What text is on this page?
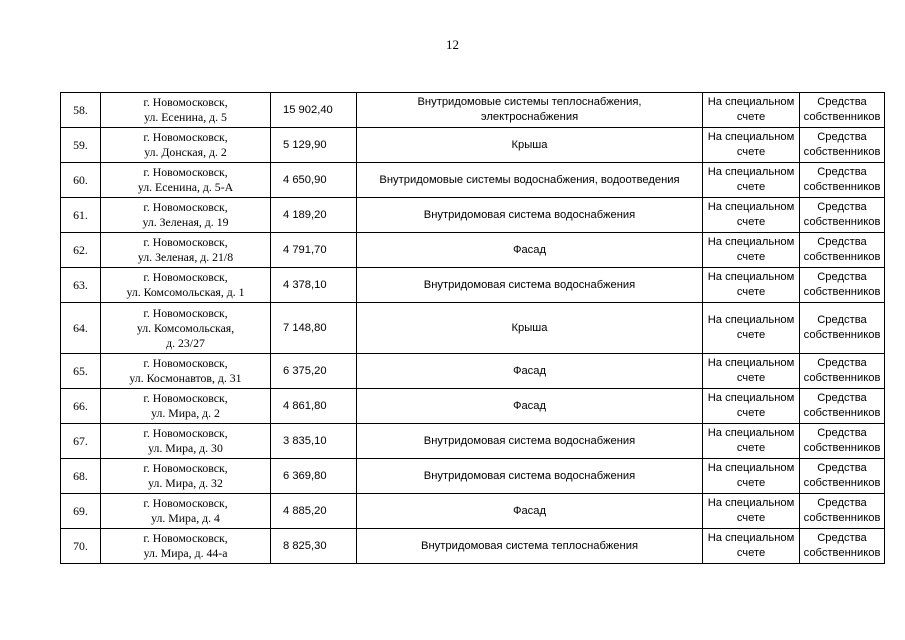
12
58.	г. Новомосковск,
ул. Есенина, д. 5	15 902,40	Внутридомовые системы теплоснабжения,
электроснабжения	На специальном
счете	Средства
собственников

59.	г. Новомосковск,
ул. Донская, д. 2	5 129,90	Крыша	На специальном
счете	Средства
собственников

60.	г. Новомосковск,
ул. Есенина, д. 5-А	4 650,90	Внутридомовые системы водоснабжения, водоотведения	На специальном
счете	Средства
собственников

61.	г. Новомосковск,
ул. Зеленая, д. 19	4 189,20	Внутридомовая система водоснабжения	На специальном
счете	Средства
собственников

62.	г. Новомосковск,
ул. Зеленая, д. 21/8	4 791,70	Фасад	На специальном
счете	Средства
собственников

63.	г. Новомосковск,
ул. Комсомольская, д. 1	4 378,10	Внутридомовая система водоснабжения	На специальном
счете	Средства
собственников

64.	г. Новомосковск,
ул. Комсомольская,
д. 23/27	7 148,80	Крыша	На специальном
счете	Средства
собственников

65.	г. Новомосковск,
ул. Космонавтов, д. 31	6 375,20	Фасад	На специальном
счете	Средства
собственников

66.	г. Новомосковск,
ул. Мира, д. 2	4 861,80	Фасад	На специальном
счете	Средства
собственников

67.	г. Новомосковск,
ул. Мира, д. 30	3 835,10	Внутридомовая система водоснабжения	На специальном
счете	Средства
собственников

68.	г. Новомосковск,
ул. Мира, д. 32	6 369,80	Внутридомовая система водоснабжения	На специальном
счете	Средства
собственников

69.	г. Новомосковск,
ул. Мира, д. 4	4 885,20	Фасад	На специальном
счете	Средства
собственников

70.	г. Новомосковск,
ул. Мира, д. 44-а	8 825,30	Внутридомовая система теплоснабжения	На специальном
счете	Средства
собственников
